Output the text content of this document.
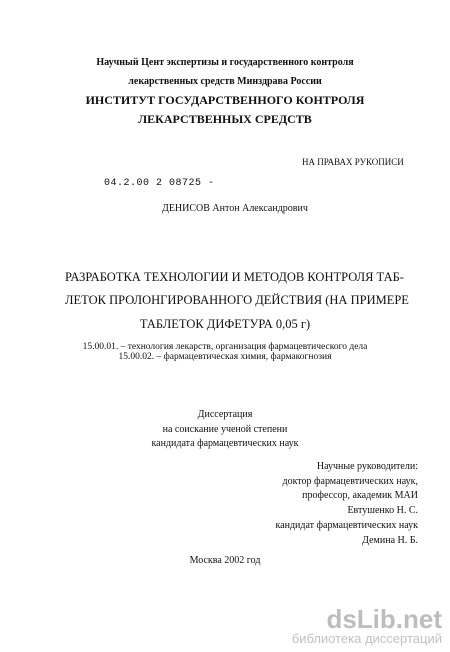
Научный Цент экспертизы и государственного контроля
лекарственных средств Минздрава России
ИНСТИТУТ ГОСУДАРСТВЕННОГО КОНТРОЛЯ
ЛЕКАРСТВЕННЫХ СРЕДСТВ
НА ПРАВАХ РУКОПИСИ
04.2.00 2 08725 -
ДЕНИСОВ Антон Александрович
РАЗРАБОТКА ТЕХНОЛОГИИ И МЕТОДОВ КОНТРОЛЯ ТАБ-
ЛЕТОК ПРОЛОНГИРОВАННОГО ДЕЙСТВИЯ (НА ПРИМЕРЕ
ТАБЛЕТОК ДИФЕТУРА 0,05 г)
15.00.01. – технология лекарств, организация фармацевтического дела
15.00.02. – фармацевтическая химия, фармакогнозия
Диссертация
на соискание ученой степени
кандидата фармацевтических наук
Научные руководители:
доктор фармацевтических наук,
профессор, академик МАИ
Евтушенко Н. С.
кандидат фармацевтических наук
Демина Н. Б.
Москва 2002 год
dsLib.net
библиотека диссертаций
